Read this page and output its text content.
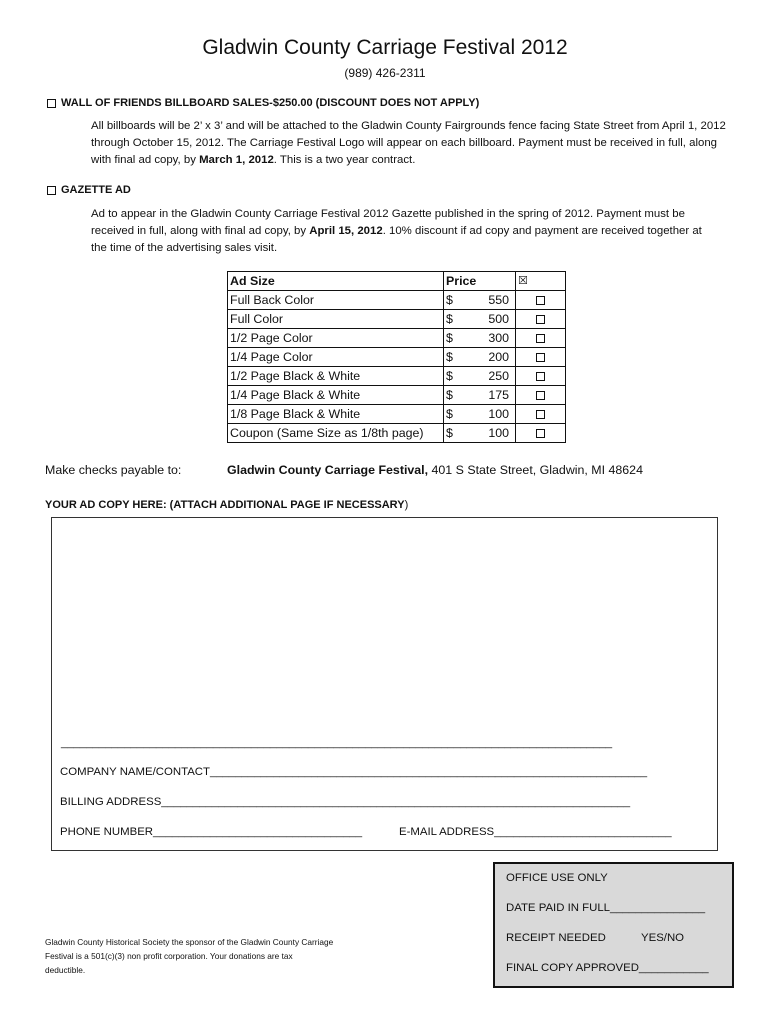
Gladwin County Carriage Festival 2012
(989) 426-2311
WALL OF FRIENDS BILLBOARD SALES-$250.00 (DISCOUNT DOES NOT APPLY)
All billboards will be 2’ x 3’ and will be attached to the Gladwin County Fairgrounds fence facing State Street from April 1, 2012 through October 15, 2012. The Carriage Festival Logo will appear on each billboard. Payment must be received in full, along with final ad copy, by March 1, 2012. This is a two year contract.
GAZETTE AD
Ad to appear in the Gladwin County Carriage Festival 2012 Gazette published in the spring of 2012. Payment must be received in full, along with final ad copy, by April 15, 2012. 10% discount if ad copy and payment are received together at the time of the advertising sales visit.
Ad Size	Price	☒
Full Back Color	$ 550	

Full Color	$ 500	

1/2 Page Color	$ 300	

1/4 Page Color	$ 200	

1/2 Page Black & White	$ 250	

1/4 Page Black & White	$ 175	

1/8 Page Black & White	$ 100	

Coupon (Same Size as 1/8th page)	$ 100	

Make checks payable to:	Gladwin County Carriage Festival, 401 S State Street, Gladwin, MI 48624
YOUR AD COPY HERE: (ATTACH ADDITIONAL PAGE IF NECESSARY)
_______________________________________________________________________________________
COMPANY NAME/CONTACT_____________________________________________________________________
BILLING ADDRESS__________________________________________________________________________
PHONE NUMBER_________________________________	E-MAIL ADDRESS____________________________
OFFICE USE ONLY
DATE PAID IN FULL_______________
RECEIPT NEEDED	YES/NO
FINAL COPY APPROVED___________
Gladwin County Historical Society the sponsor of the Gladwin County Carriage Festival is a 501(c)(3) non profit corporation. Your donations are tax deductible.
